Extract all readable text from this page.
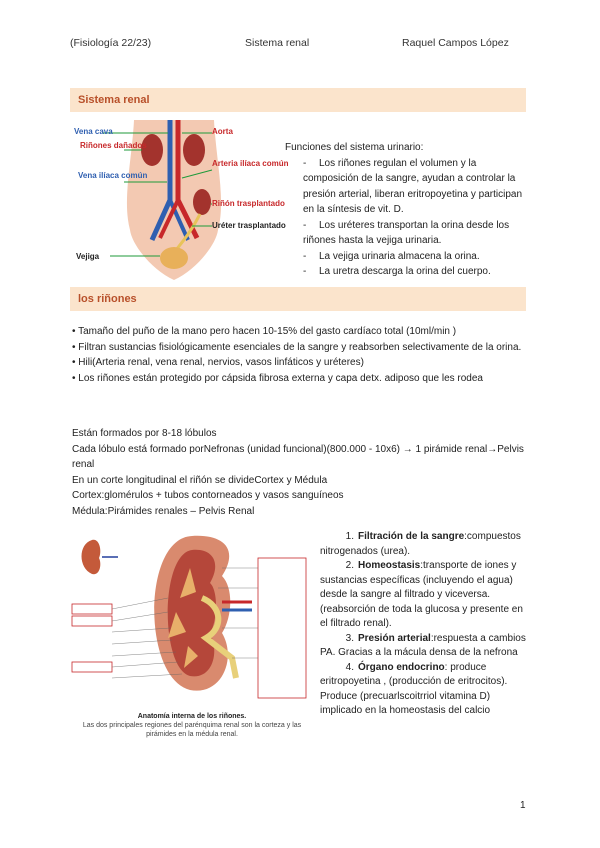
(Fisiología 22/23)	Sistema renal	Raquel Campos López
Sistema renal
Vena cava
Riñones dañados
Vena ilíaca común
Aorta
Arteria ilíaca común
Riñón trasplantado
Uréter trasplantado
Vejiga
Funciones del sistema urinario:
- Los riñones regulan el volumen y la composición de la sangre, ayudan a controlar la presión arterial, liberan eritropoyetina y participan en la síntesis de vit. D.
- Los uréteres transportan la orina desde los riñones hasta la vejiga urinaria.
- La vejiga urinaria almacena la orina.
- La uretra descarga la orina del cuerpo.
los riñones
• Tamaño del puño de la mano pero hacen 10-15% del gasto cardíaco total (10ml/min )
• Filtran sustancias fisiológicamente esenciales de la sangre y reabsorben selectivamente de la orina.
• Hili(Arteria renal, vena renal, nervios, vasos linfáticos y uréteres)
• Los riñones están protegido por cápsida fibrosa externa y capa detx. adiposo que les rodea
Están formados por 8-18 lóbulos
Cada lóbulo está formado porNefronas (unidad funcional)(800.000 - 10x6) → 1 pirámide renal→Pelvis renal
En un corte longitudinal el riñón se divideCortex y Médula
Cortex:glomérulos + tubos contorneados y vasos sanguíneos
Médula:Pirámides renales – Pelvis Renal
Anatomía interna de los riñones.
Las dos principales regiones del parénquima renal son la corteza y las pirámides en la médula renal.
1. Filtración de la sangre:compuestos nitrogenados (urea).
2. Homeostasis:transporte de iones y sustancias específicas (incluyendo el agua) desde la sangre al filtrado y viceversa. (reabsorción de toda la glucosa y presente en el filtrado renal).
3. Presión arterial:respuesta a cambios PA. Gracias a la mácula densa de la nefrona
4. Órgano endocrino: produce eritropoyetina , (producción de eritrocitos). Produce (precuarlscoitrriol vitamina D) implicado en la homeostasis del calcio
1
